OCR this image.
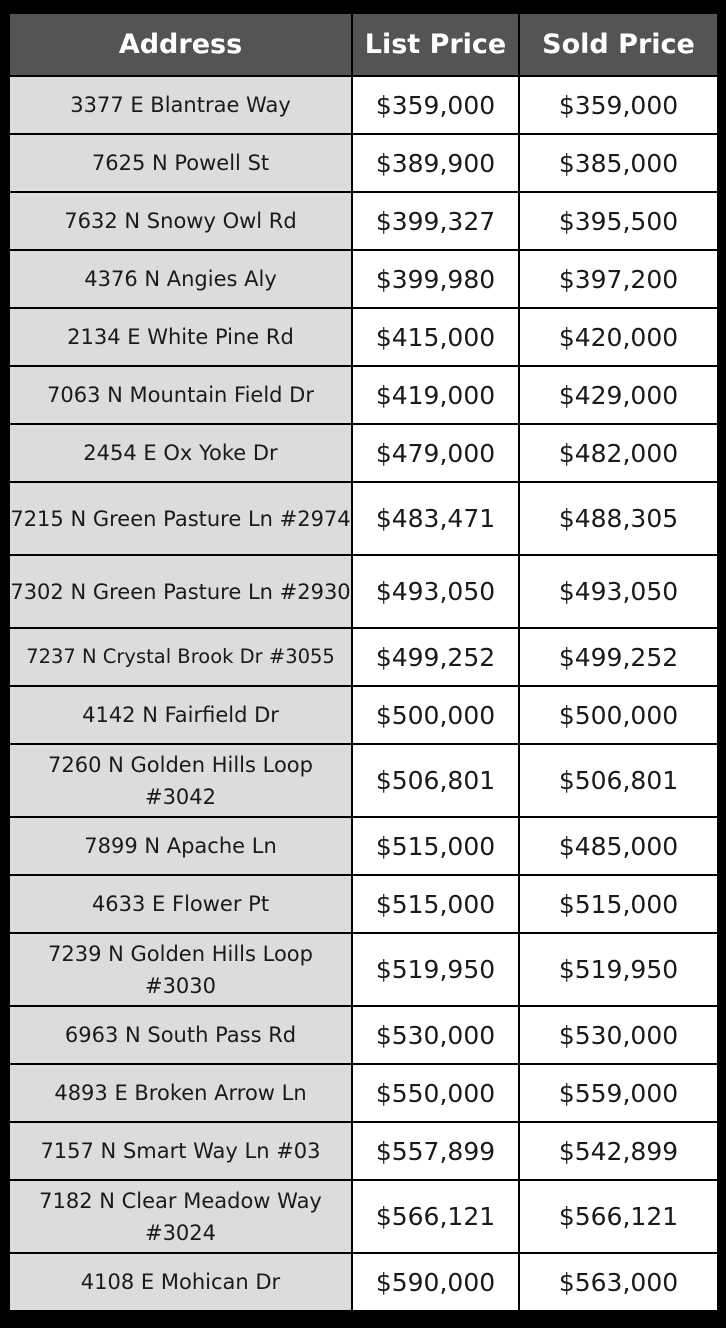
Address	List Price	Sold Price
3377 E Blantrae Way	$359,000	$359,000
7625 N Powell St	$389,900	$385,000
7632 N Snowy Owl Rd	$399,327	$395,500
4376 N Angies Aly	$399,980	$397,200
2134 E White Pine Rd	$415,000	$420,000
7063 N Mountain Field Dr	$419,000	$429,000
2454 E Ox Yoke Dr	$479,000	$482,000
7215 N Green Pasture Ln #2974	$483,471	$488,305
7302 N Green Pasture Ln #2930	$493,050	$493,050
7237 N Crystal Brook Dr #3055	$499,252	$499,252
4142 N Fairfield Dr	$500,000	$500,000
7260 N Golden Hills Loop #3042	$506,801	$506,801
7899 N Apache Ln	$515,000	$485,000
4633 E Flower Pt	$515,000	$515,000
7239 N Golden Hills Loop #3030	$519,950	$519,950
6963 N South Pass Rd	$530,000	$530,000
4893 E Broken Arrow Ln	$550,000	$559,000
7157 N Smart Way Ln #03	$557,899	$542,899
7182 N Clear Meadow Way #3024	$566,121	$566,121
4108 E Mohican Dr	$590,000	$563,000
